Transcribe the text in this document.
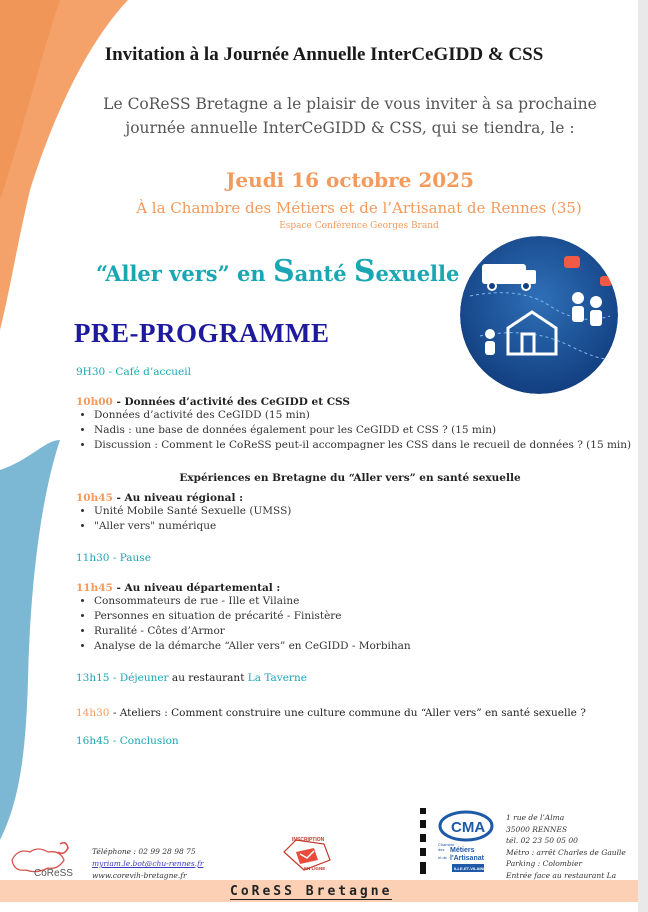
Invitation à la Journée Annuelle InterCeGIDD & CSS
Le CoReSS Bretagne a le plaisir de vous inviter à sa prochaine
journée annuelle InterCeGIDD & CSS, qui se tiendra, le :
Jeudi 16 octobre 2025
À la Chambre des Métiers et de l’Artisanat de Rennes (35)
Espace Conférence Georges Brand
“Aller vers” en Santé Sexuelle
PRE-PROGRAMME
9H30 - Café d’accueil
10h00 - Données d’activité des CeGIDD et CSS
• Données d’activité des CeGIDD (15 min)
• Nadis : une base de données également pour les CeGIDD et CSS ? (15 min)
• Discussion : Comment le CoReSS peut-il accompagner les CSS dans le recueil de données ? (15 min)
Expériences en Bretagne du “Aller vers” en santé sexuelle
10h45 - Au niveau régional :
• Unité Mobile Santé Sexuelle (UMSS)
• "Aller vers" numérique
11h30 - Pause
11h45 - Au niveau départemental :
• Consommateurs de rue - Ille et Vilaine
• Personnes en situation de précarité - Finistère
• Ruralité - Côtes d’Armor
• Analyse de la démarche “Aller vers” en CeGIDD - Morbihan
13h15 - Déjeuner au restaurant La Taverne
14h30 - Ateliers : Comment construire une culture commune du “Aller vers” en santé sexuelle ?
16h45 - Conclusion
CoReSS
Téléphone : 02 99 28 98 75
myriam.le.bot@chu-rennes.fr
www.corevih-bretagne.fr
INSCRIPTION
EN LIGNE
CMA
Chambre
des Métiers
et de l'Artisanat
ILLE-ET-VILAINE
1 rue de l’Alma
35000 RENNES
tél. 02 23 50 05 00
Métro : arrêt Charles de Gaulle
Parking : Colombier
Entrée face au restaurant La
CoReSS Bretagne
